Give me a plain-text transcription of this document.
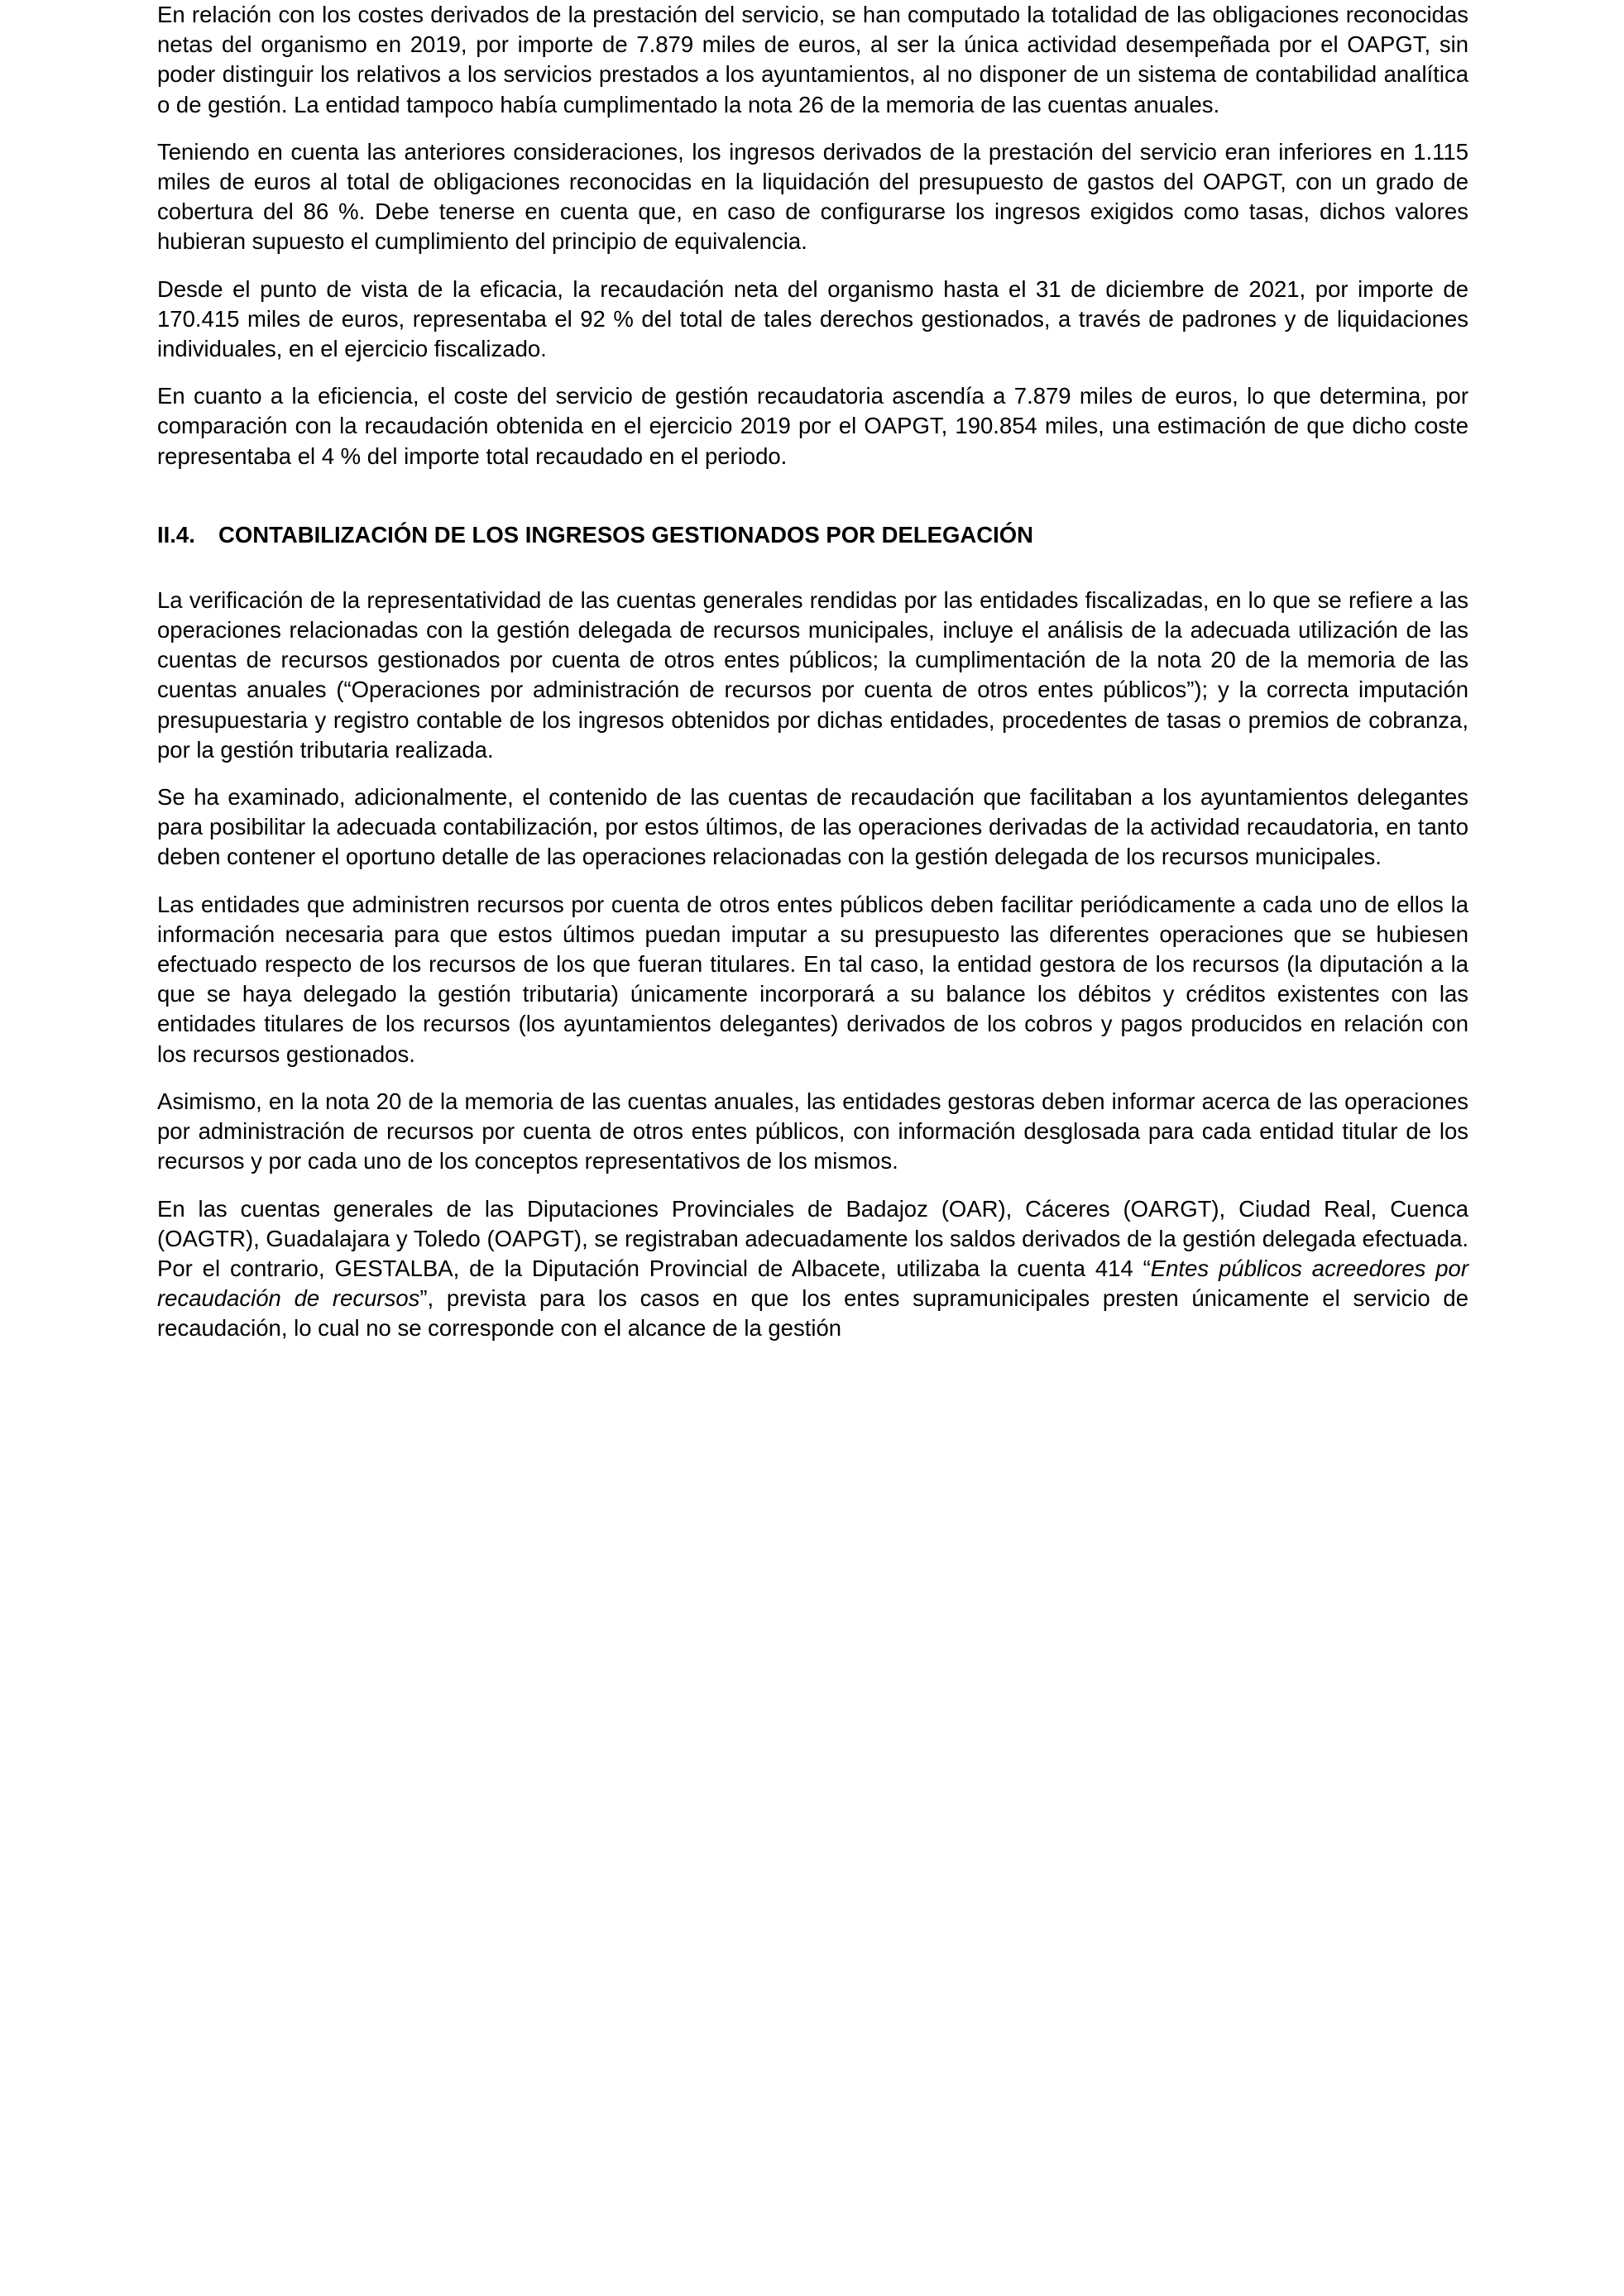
En relación con los costes derivados de la prestación del servicio, se han computado la totalidad de las obligaciones reconocidas netas del organismo en 2019, por importe de 7.879 miles de euros, al ser la única actividad desempeñada por el OAPGT, sin poder distinguir los relativos a los servicios prestados a los ayuntamientos, al no disponer de un sistema de contabilidad analítica o de gestión. La entidad tampoco había cumplimentado la nota 26 de la memoria de las cuentas anuales.

Teniendo en cuenta las anteriores consideraciones, los ingresos derivados de la prestación del servicio eran inferiores en 1.115 miles de euros al total de obligaciones reconocidas en la liquidación del presupuesto de gastos del OAPGT, con un grado de cobertura del 86 %. Debe tenerse en cuenta que, en caso de configurarse los ingresos exigidos como tasas, dichos valores hubieran supuesto el cumplimiento del principio de equivalencia.

Desde el punto de vista de la eficacia, la recaudación neta del organismo hasta el 31 de diciembre de 2021, por importe de 170.415 miles de euros, representaba el 92 % del total de tales derechos gestionados, a través de padrones y de liquidaciones individuales, en el ejercicio fiscalizado.

En cuanto a la eficiencia, el coste del servicio de gestión recaudatoria ascendía a 7.879 miles de euros, lo que determina, por comparación con la recaudación obtenida en el ejercicio 2019 por el OAPGT, 190.854 miles, una estimación de que dicho coste representaba el 4 % del importe total recaudado en el periodo.

II.4.	CONTABILIZACIÓN DE LOS INGRESOS GESTIONADOS POR DELEGACIÓN

La verificación de la representatividad de las cuentas generales rendidas por las entidades fiscalizadas, en lo que se refiere a las operaciones relacionadas con la gestión delegada de recursos municipales, incluye el análisis de la adecuada utilización de las cuentas de recursos gestionados por cuenta de otros entes públicos; la cumplimentación de la nota 20 de la memoria de las cuentas anuales (“Operaciones por administración de recursos por cuenta de otros entes públicos”); y la correcta imputación presupuestaria y registro contable de los ingresos obtenidos por dichas entidades, procedentes de tasas o premios de cobranza, por la gestión tributaria realizada.

Se ha examinado, adicionalmente, el contenido de las cuentas de recaudación que facilitaban a los ayuntamientos delegantes para posibilitar la adecuada contabilización, por estos últimos, de las operaciones derivadas de la actividad recaudatoria, en tanto deben contener el oportuno detalle de las operaciones relacionadas con la gestión delegada de los recursos municipales.

Las entidades que administren recursos por cuenta de otros entes públicos deben facilitar periódicamente a cada uno de ellos la información necesaria para que estos últimos puedan imputar a su presupuesto las diferentes operaciones que se hubiesen efectuado respecto de los recursos de los que fueran titulares. En tal caso, la entidad gestora de los recursos (la diputación a la que se haya delegado la gestión tributaria) únicamente incorporará a su balance los débitos y créditos existentes con las entidades titulares de los recursos (los ayuntamientos delegantes) derivados de los cobros y pagos producidos en relación con los recursos gestionados.

Asimismo, en la nota 20 de la memoria de las cuentas anuales, las entidades gestoras deben informar acerca de las operaciones por administración de recursos por cuenta de otros entes públicos, con información desglosada para cada entidad titular de los recursos y por cada uno de los conceptos representativos de los mismos.

En las cuentas generales de las Diputaciones Provinciales de Badajoz (OAR), Cáceres (OARGT), Ciudad Real, Cuenca (OAGTR), Guadalajara y Toledo (OAPGT), se registraban adecuadamente los saldos derivados de la gestión delegada efectuada. Por el contrario, GESTALBA, de la Diputación Provincial de Albacete, utilizaba la cuenta 414 “Entes públicos acreedores por recaudación de recursos”, prevista para los casos en que los entes supramunicipales presten únicamente el servicio de recaudación, lo cual no se corresponde con el alcance de la gestión
